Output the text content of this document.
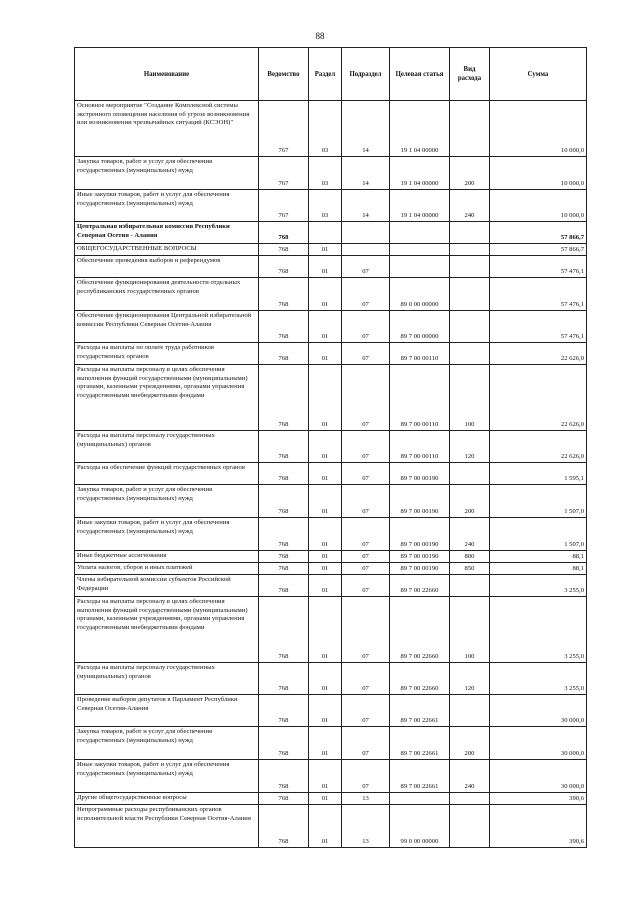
88
Наименование	Ведомство	Раздел	Подраздел	Целевая статья	Вид расхода	Сумма
Основное мероприятие "Создание Комплексной системы экстренного оповещения населения об угрозе возникновения или возникновении чрезвычайных ситуаций (КСЭОН)"	767	03	14	19 1 04 00000		10 000,0
Закупка товаров, работ и услуг для обеспечения государственных (муниципальных) нужд	767	03	14	19 1 04 00000	200	10 000,0
Иные закупки товаров, работ и услуг для обеспечения государственных (муниципальных) нужд	767	03	14	19 1 04 00000	240	10 000,0
Центральная избирательная комиссия Республики Северная Осетия - Алания	768					57 866,7
ОБЩЕГОСУДАРСТВЕННЫЕ ВОПРОСЫ	768	01				57 866,7
Обеспечение проведения выборов и референдумов	768	01	07			57 476,1
Обеспечение функционирования деятельности отдельных республиканских государственных органов	768	01	07	89 0 00 00000		57 476,1
Обеспечение функционирования Центральной избирательной комиссии Республики Северная Осетия-Алания	768	01	07	89 7 00 00000		57 476,1
Расходы на выплаты по оплате труда работников государственных органов	768	01	07	89 7 00 00110		22 626,0
Расходы на выплаты персоналу в целях обеспечения выполнения функций государственными (муниципальными) органами, казенными учреждениями, органами управления государственными внебюджетными фондами	768	01	07	89 7 00 00110	100	22 626,0
Расходы на выплаты персоналу государственных (муниципальных) органов	768	01	07	89 7 00 00110	120	22 626,0
Расходы на обеспечение функций государственных органов	768	01	07	89 7 00 00190		1 595,1
Закупка товаров, работ и услуг для обеспечения государственных (муниципальных) нужд	768	01	07	89 7 00 00190	200	1 507,0
Иные закупки товаров, работ и услуг для обеспечения государственных (муниципальных) нужд	768	01	07	89 7 00 00190	240	1 507,0
Иные бюджетные ассигнования	768	01	07	89 7 00 00190	800	88,1
Уплата налогов, сборов и иных платежей	768	01	07	89 7 00 00190	850	88,1
Члены избирательной комиссии субъектов Российской Федерации	768	01	07	89 7 00 22660		3 255,0
Расходы на выплаты персоналу в целях обеспечения выполнения функций государственными (муниципальными) органами, казенными учреждениями, органами управления государственными внебюджетными фондами	768	01	07	89 7 00 22660	100	3 255,0
Расходы на выплаты персоналу государственных (муниципальных) органов	768	01	07	89 7 00 22660	120	3 255,0
Проведение выборов депутатов в Парламент Республики Северная Осетия-Алания	768	01	07	89 7 00 22661		30 000,0
Закупка товаров, работ и услуг для обеспечения государственных (муниципальных) нужд	768	01	07	89 7 00 22661	200	30 000,0
Иные закупки товаров, работ и услуг для обеспечения государственных (муниципальных) нужд	768	01	07	89 7 00 22661	240	30 000,0
Другие общегосударственные вопросы	768	01	13			390,6
Непрограммные расходы республиканских органов исполнительной власти Республики Северная Осетия-Алания	768	01	13	99 0 00 00000		390,6
